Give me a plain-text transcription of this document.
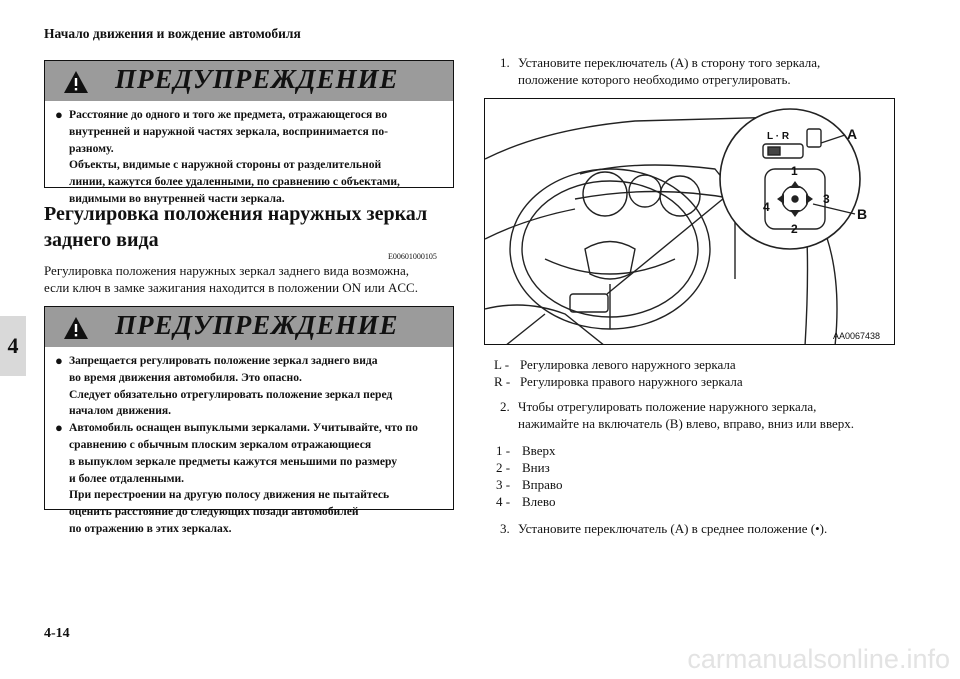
Начало движения и вождение автомобиля
4
ПРЕДУПРЕЖДЕНИЕ
● Расстояние до одного и того же предмета, отражающегося во
внутренней и наружной частях зеркала, воспринимается по-
разному.
Объекты, видимые с наружной стороны от разделительной
линии, кажутся более удаленными, по сравнению с объектами,
видимыми во внутренней части зеркала.
Регулировка положения наружных зеркал
заднего вида
E00601000105
Регулировка положения наружных зеркал заднего вида возможна,
если ключ в замке зажигания находится в положении ON или ACC.
ПРЕДУПРЕЖДЕНИЕ
● Запрещается регулировать положение зеркал заднего вида
во время движения автомобиля. Это опасно.
Следует обязательно отрегулировать положение зеркал перед
началом движения.
● Автомобиль оснащен выпуклыми зеркалами. Учитывайте, что по
сравнению с обычным плоским зеркалом отражающиеся
в выпуклом зеркале предметы кажутся меньшими по размеру
и более отдаленными.
При перестроении на другую полосу движения не пытайтесь
оценить расстояние до следующих позади автомобилей
по отражению в этих зеркалах.
1. Установите переключатель (A) в сторону того зеркала,
положение которого необходимо отрегулировать.
L · R	A
B
1
2
3
4
AA0067438
L - Регулировка левого наружного зеркала
R - Регулировка правого наружного зеркала
2. Чтобы отрегулировать положение наружного зеркала,
нажимайте на включатель (B) влево, вправо, вниз или вверх.
1 - Вверх
2 - Вниз
3 - Вправо
4 - Влево
3. Установите переключатель (A) в среднее положение (•).
4-14
carmanualsonline.info
